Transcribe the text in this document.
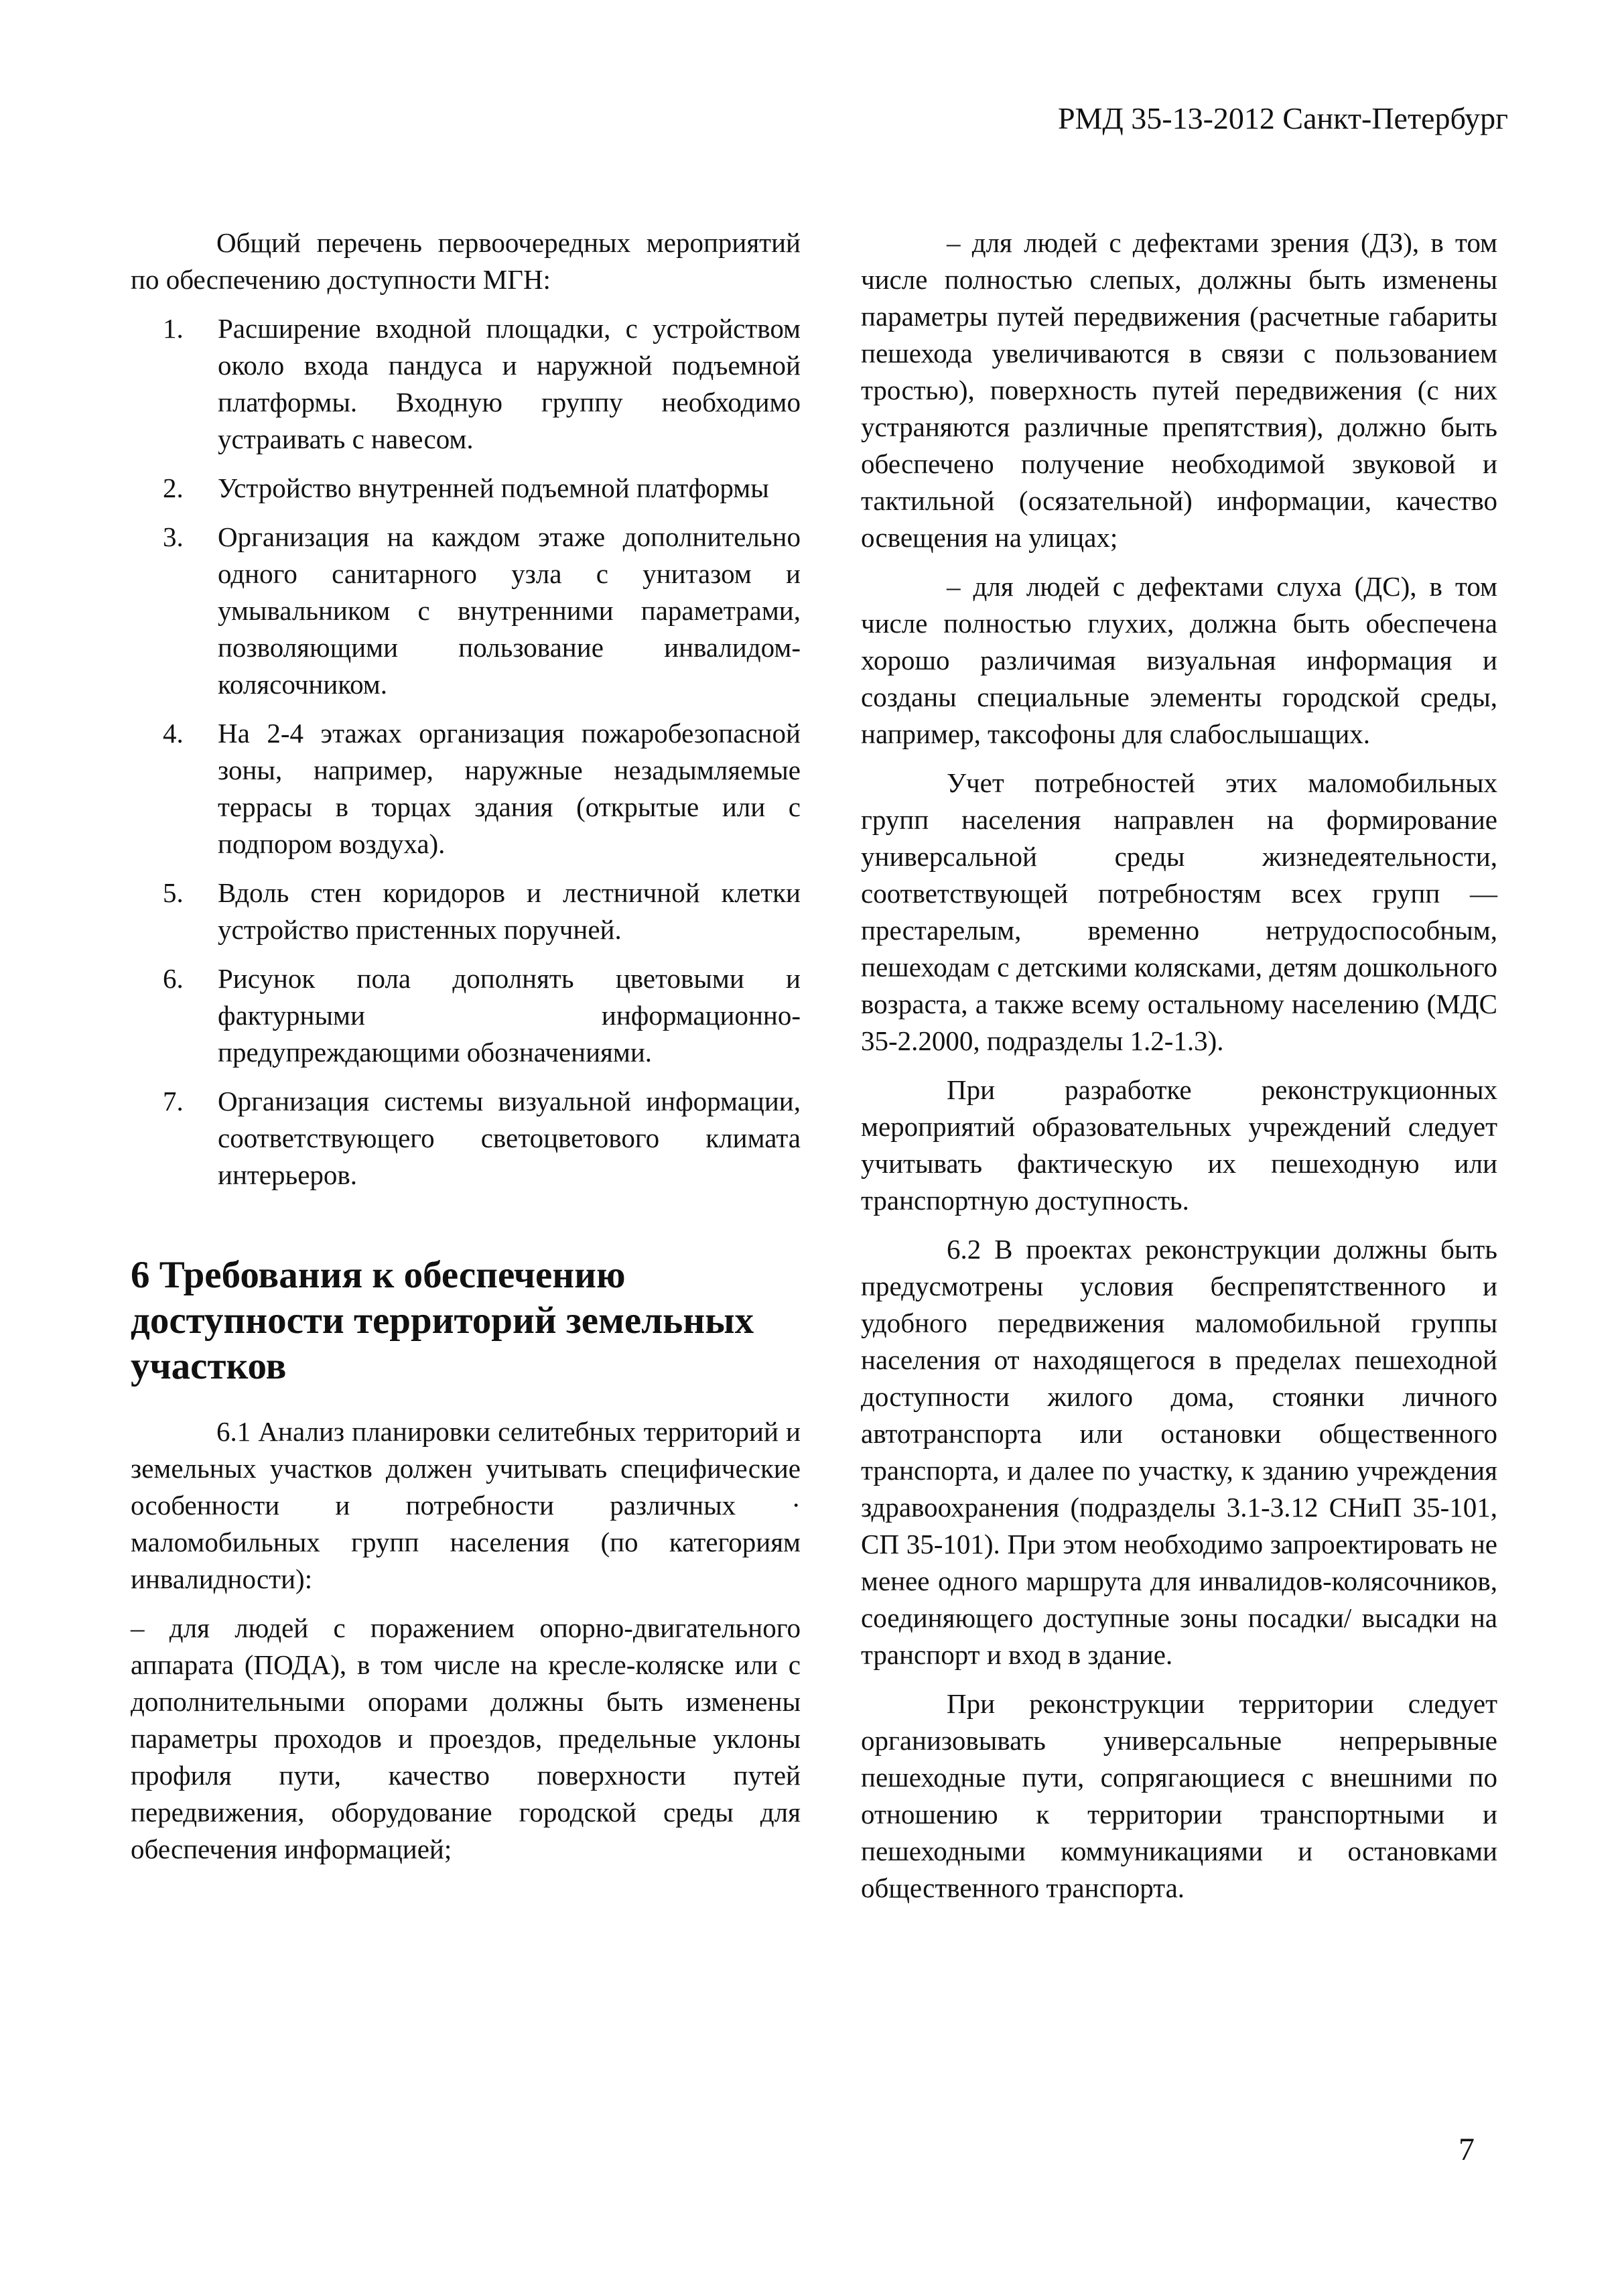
РМД 35-13-2012 Санкт-Петербург

Общий перечень первоочередных мероприятий по обеспечению доступности МГН:

1. Расширение входной площадки, с устройством около входа пандуса и наружной подъемной платформы. Входную группу необходимо устраивать с навесом.
2. Устройство внутренней подъемной платформы
3. Организация на каждом этаже дополнительно одного санитарного узла с унитазом и умывальником с внутренними параметрами, позволяющими пользование инвалидом-колясочником.
4. На 2-4 этажах организация пожаробезопасной зоны, например, наружные незадымляемые террасы в торцах здания (открытые или с подпором воздуха).
5. Вдоль стен коридоров и лестничной клетки устройство пристенных поручней.
6. Рисунок пола дополнять цветовыми и фактурными информационно-предупреждающими обозначениями.
7. Организация системы визуальной информации, соответствующего светоцветового климата интерьеров.
6 Требования к обеспечению доступности территорий земельных участков

6.1 Анализ планировки селитебных территорий и земельных участков должен учитывать специфические особенности и потребности различных · маломобильных групп населения (по категориям инвалидности):

– для людей с поражением опорно-двигательного аппарата (ПОДА), в том числе на кресле-коляске или с дополнительными опорами должны быть изменены параметры проходов и проездов, предельные уклоны профиля пути, качество поверхности путей передвижения, оборудование городской среды для обеспечения информацией;

– для людей с дефектами зрения (ДЗ), в том числе полностью слепых, должны быть изменены параметры путей передвижения (расчетные габариты пешехода увеличиваются в связи с пользованием тростью), поверхность путей передвижения (с них устраняются различные препятствия), должно быть обеспечено получение необходимой звуковой и тактильной (осязательной) информации, качество освещения на улицах;

– для людей с дефектами слуха (ДС), в том числе полностью глухих, должна быть обеспечена хорошо различимая визуальная информация и созданы специальные элементы городской среды, например, таксофоны для слабослышащих.

Учет потребностей этих маломобильных групп населения направлен на формирование универсальной среды жизнедеятельности, соответствующей потребностям всех групп — престарелым, временно нетрудоспособным, пешеходам с детскими колясками, детям дошкольного возраста, а также всему остальному населению (МДС 35-2.2000, подразделы 1.2-1.3).

При разработке реконструкционных мероприятий образовательных учреждений следует учитывать фактическую их пешеходную или транспортную доступность.

6.2 В проектах реконструкции должны быть предусмотрены условия беспрепятственного и удобного передвижения маломобильной группы населения от находящегося в пределах пешеходной доступности жилого дома, стоянки личного автотранспорта или остановки общественного транспорта, и далее по участку, к зданию учреждения здравоохранения (подразделы 3.1-3.12 СНиП 35-101, СП 35-101). При этом необходимо запроектировать не менее одного маршрута для инвалидов-колясочников, соединяющего доступные зоны посадки/ высадки на транспорт и вход в здание.

При реконструкции территории следует организовывать универсальные непрерывные пешеходные пути, сопрягающиеся с внешними по отношению к территории транспортными и пешеходными коммуникациями и остановками общественного транспорта.

7
